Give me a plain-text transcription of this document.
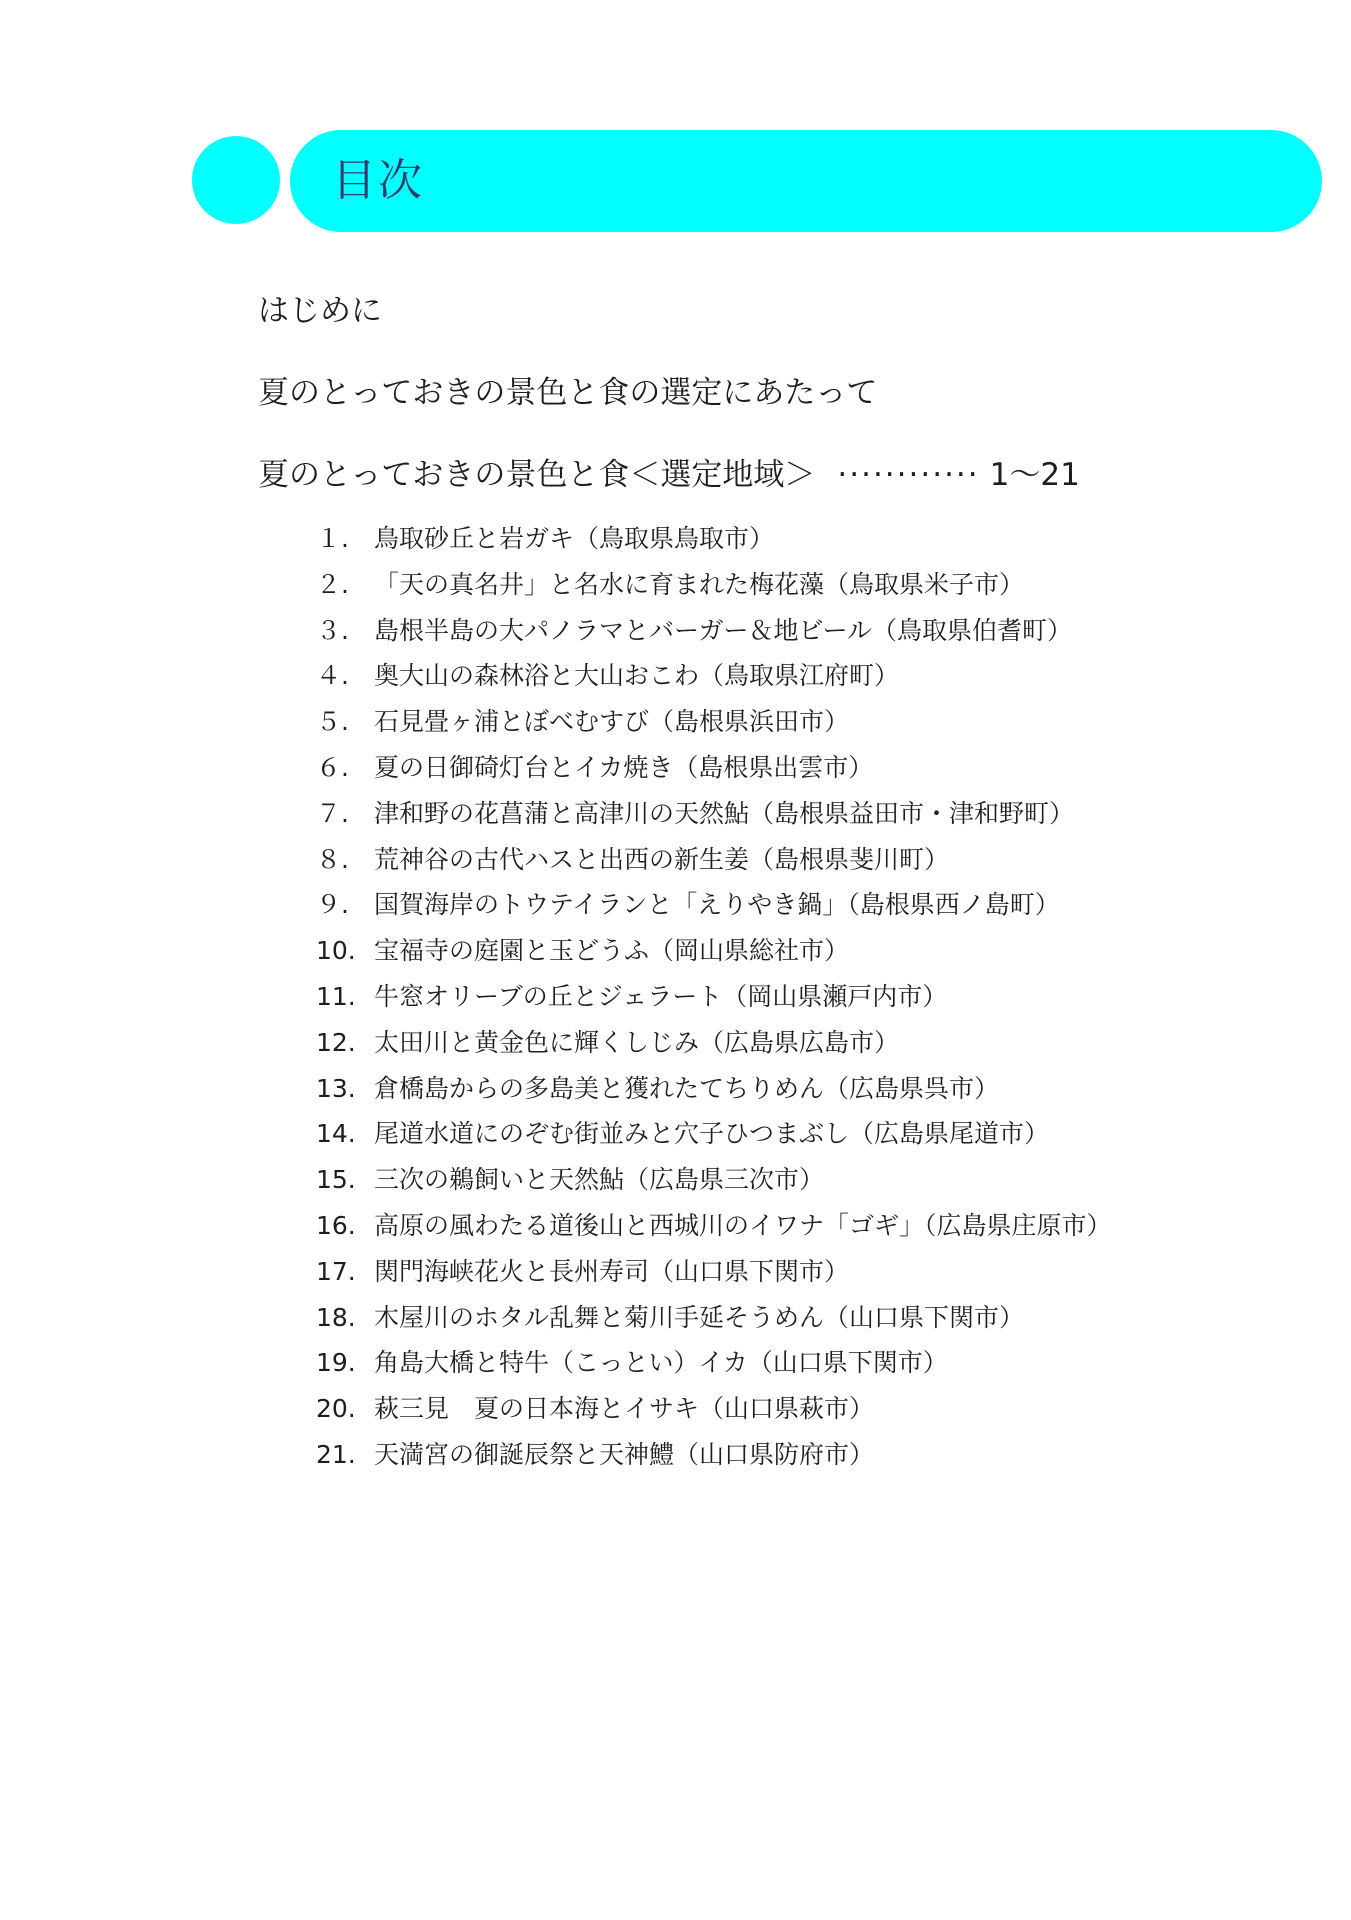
目次
はじめに
夏のとっておきの景色と食の選定にあたって
夏のとっておきの景色と食＜選定地域＞ ············ 1〜21
１.	鳥取砂丘と岩ガキ（鳥取県鳥取市）
２.	「天の真名井」と名水に育まれた梅花藻（鳥取県米子市）
３.	島根半島の大パノラマとバーガー＆地ビール（鳥取県伯耆町）
４.	奥大山の森林浴と大山おこわ（鳥取県江府町）
５.	石見畳ヶ浦とぼべむすび（島根県浜田市）
６.	夏の日御碕灯台とイカ焼き（島根県出雲市）
７.	津和野の花菖蒲と高津川の天然鮎（島根県益田市・津和野町）
８.	荒神谷の古代ハスと出西の新生姜（島根県斐川町）
９.	国賀海岸のトウテイランと「えりやき鍋」（島根県西ノ島町）
10. 宝福寺の庭園と玉どうふ（岡山県総社市）
11. 牛窓オリーブの丘とジェラート（岡山県瀬戸内市）
12. 太田川と黄金色に輝くしじみ（広島県広島市）
13. 倉橋島からの多島美と獲れたてちりめん（広島県呉市）
14. 尾道水道にのぞむ街並みと穴子ひつまぶし（広島県尾道市）
15. 三次の鵜飼いと天然鮎（広島県三次市）
16. 高原の風わたる道後山と西城川のイワナ「ゴギ」（広島県庄原市）
17. 関門海峡花火と長州寿司（山口県下関市）
18. 木屋川のホタル乱舞と菊川手延そうめん（山口県下関市）
19. 角島大橋と特牛（こっとい）イカ（山口県下関市）
20. 萩三見　夏の日本海とイサキ（山口県萩市）
21. 天満宮の御誕辰祭と天神鱧（山口県防府市）
